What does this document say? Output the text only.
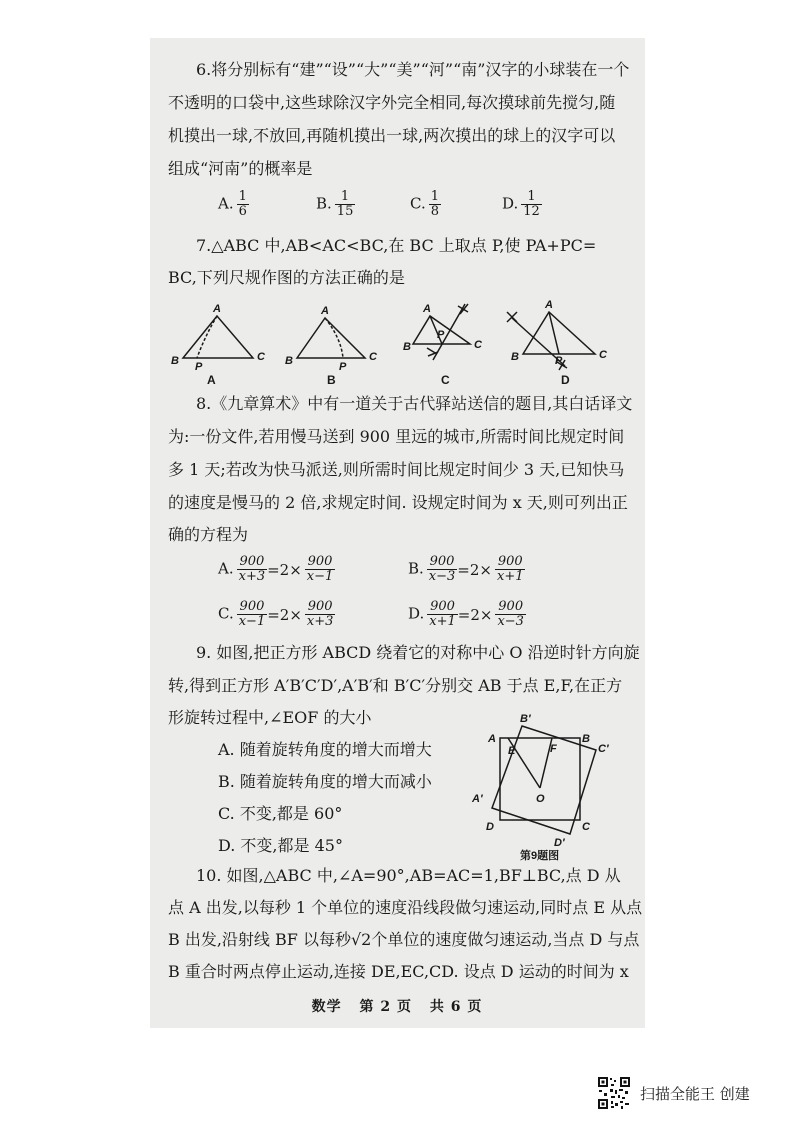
6.将分别标有“建”“设”“大”“美”“河”“南”汉字的小球装在一个
不透明的口袋中,这些球除汉字外完全相同,每次摸球前先搅匀,随
机摸出一球,不放回,再随机摸出一球,两次摸出的球上的汉字可以
组成“河南”的概率是
A. $\frac{1}{6}$	B. $\frac{1}{15}$	C. $\frac{1}{8}$	D. $\frac{1}{12}$
7.△ABC 中,AB<AC<BC,在 BC 上取点 P,使 PA+PC=
BC,下列尺规作图的方法正确的是
A
B	C
P
A
B	C
P
A
B	C
P
A
B	C
P
A	B	C	D
8.《九章算术》中有一道关于古代驿站送信的题目,其白话译文
为:一份文件,若用慢马送到 900 里远的城市,所需时间比规定时间
多 1 天;若改为快马派送,则所需时间比规定时间少 3 天,已知快马
的速度是慢马的 2 倍,求规定时间. 设规定时间为 x 天,则可列出正
确的方程为
A. $\frac{900}{x+3} =2\times \frac{900}{x-1}$	B. $\frac{900}{x-3} =2\times \frac{900}{x+1}$
C. $\frac{900}{x-1} =2\times \frac{900}{x+3}$	D. $\frac{900}{x+1} =2\times \frac{900}{x-3}$
9. 如图,把正方形 ABCD 绕着它的对称中心 O 沿逆时针方向旋
转,得到正方形 A′B′C′D′,A′B′和 B′C′分别交 AB 于点 E,F,在正方
形旋转过程中,∠EOF 的大小
A. 随着旋转角度的增大而增大
B. 随着旋转角度的增大而减小
C. 不变,都是 60°
D. 不变,都是 45°
A	B
C
D
A′
B′
C′
D′
E	F
O
第9题图
10. 如图,△ABC 中,∠A=90°,AB=AC=1,BF⊥BC,点 D 从
点 A 出发,以每秒 1 个单位的速度沿线段做匀速运动,同时点 E 从点
B 出发,沿射线 BF 以每秒√2个单位的速度做匀速运动,当点 D 与点
B 重合时两点停止运动,连接 DE,EC,CD. 设点 D 运动的时间为 x
数学 第 2 页 共 6 页
扫描全能王 创建
